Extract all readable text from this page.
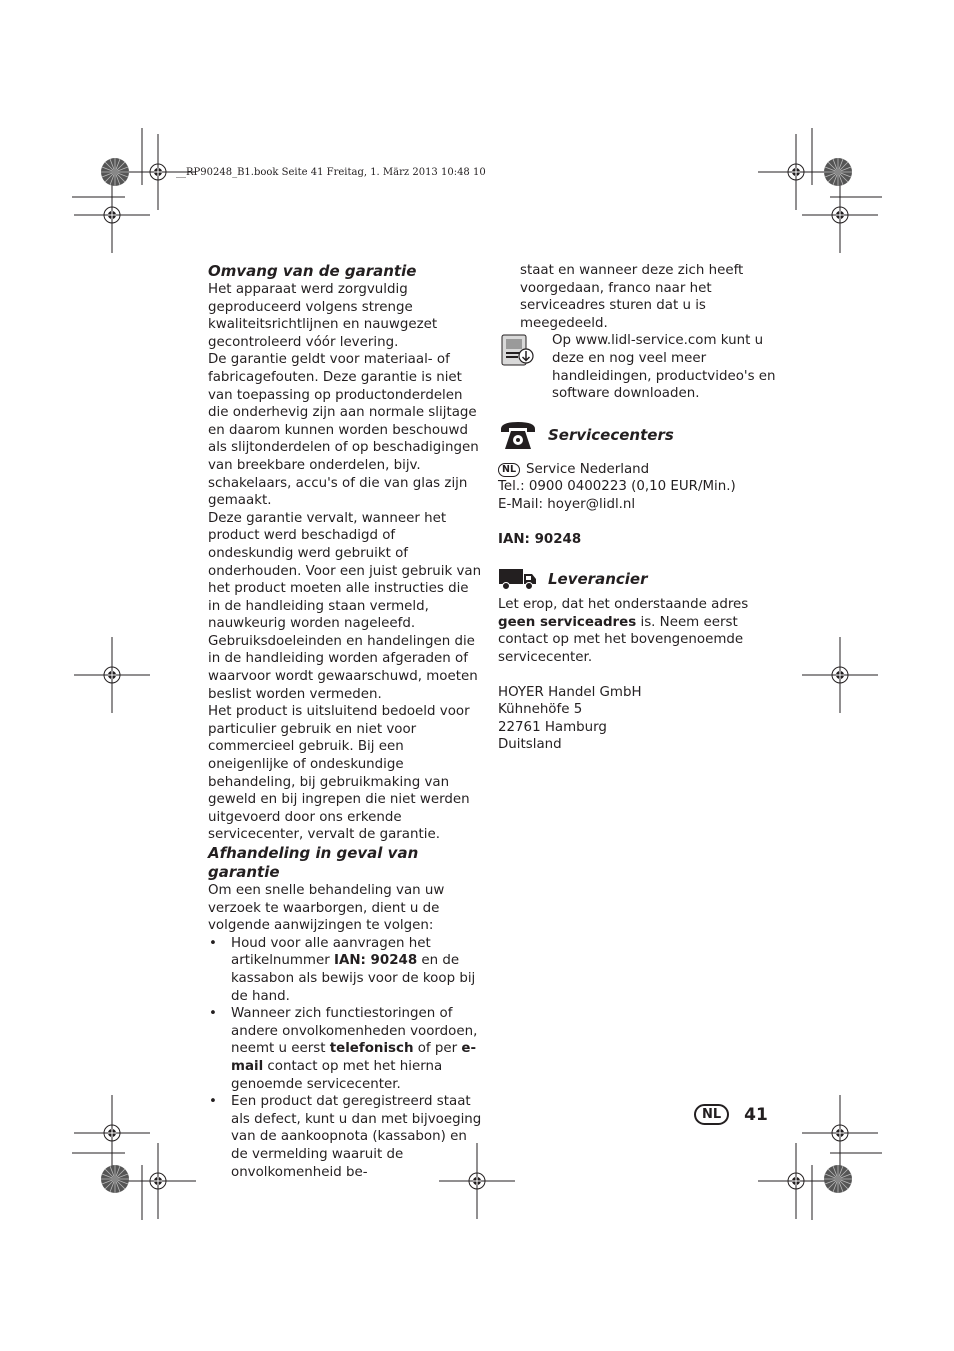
__RP90248_B1.book Seite 41 Freitag, 1. März 2013 10:48 10

Omvang van de garantie

Het apparaat werd zorgvuldig geproduceerd volgens strenge kwaliteitsrichtlijnen en nauwgezet gecontroleerd vóór levering.

De garantie geldt voor materiaal- of fabricagefouten. Deze garantie is niet van toepassing op productonderdelen die onderhevig zijn aan normale slijtage en daarom kunnen worden beschouwd als slijtonderdelen of op beschadigingen van breekbare onderdelen, bijv. schakelaars, accu's of die van glas zijn gemaakt.

Deze garantie vervalt, wanneer het product werd beschadigd of ondeskundig werd gebruikt of onderhouden. Voor een juist gebruik van het product moeten alle instructies die in de handleiding staan vermeld, nauwkeurig worden nageleefd. Gebruiksdoeleinden en handelingen die in de handleiding worden afgeraden of waarvoor wordt gewaarschuwd, moeten beslist worden vermeden.

Het product is uitsluitend bedoeld voor particulier gebruik en niet voor commercieel gebruik. Bij een oneigenlijke of ondeskundige behandeling, bij gebruikmaking van geweld en bij ingrepen die niet werden uitgevoerd door ons erkende servicecenter, vervalt de garantie.

Afhandeling in geval van garantie

Om een snelle behandeling van uw verzoek te waarborgen, dient u de volgende aanwijzingen te volgen:

• Houd voor alle aanvragen het artikelnummer IAN: 90248 en de kassabon als bewijs voor de koop bij de hand.
• Wanneer zich functiestoringen of andere onvolkomenheden voordoen, neemt u eerst telefonisch of per e-mail contact op met het hierna genoemde servicecenter.
• Een product dat geregistreerd staat als defect, kunt u dan met bijvoeging van de aankoopnota (kassabon) en de vermelding waaruit de onvolkomenheid be-

staat en wanneer deze zich heeft voorgedaan, franco naar het serviceadres sturen dat u is meegedeeld.

Op www.lidl-service.com kunt u deze en nog veel meer handleidingen, productvideo's en software downloaden.

Servicecenters

NL Service Nederland

Tel.: 0900 0400223 (0,10 EUR/Min.)

E-Mail: hoyer@lidl.nl

IAN: 90248

Leverancier

Let erop, dat het onderstaande adres geen serviceadres is. Neem eerst contact op met het bovengenoemde servicecenter.

HOYER Handel GmbH

Kühnehöfe 5

22761 Hamburg

Duitsland

NL	41
